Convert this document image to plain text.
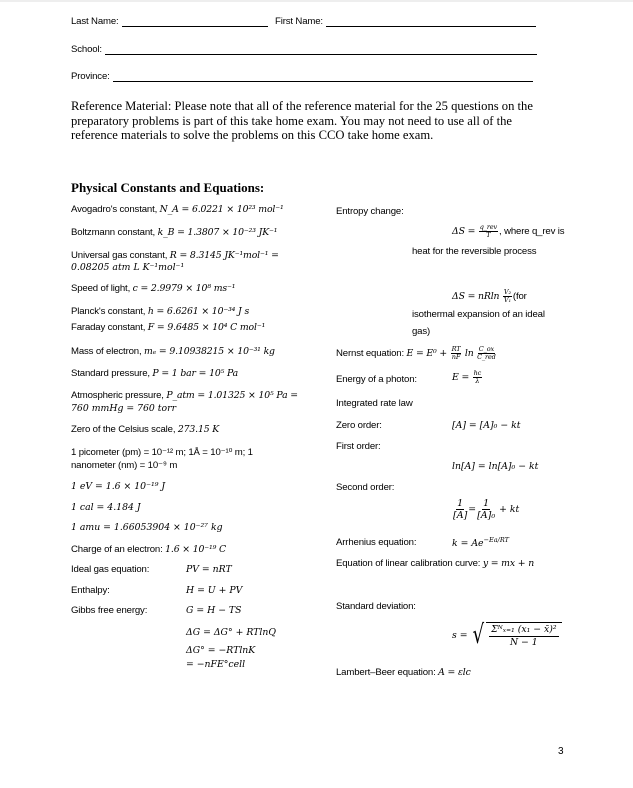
Last Name:	First Name:
School:
Province:
Reference Material: Please note that all of the reference material for the 25 questions on the preparatory problems is part of this take home exam. You may not need to use all of the reference materials to solve the problems on this CCO take home exam.
Physical Constants and Equations:
Avogadro's constant, N_A = 6.0221 × 10²³ mol⁻¹
Boltzmann constant, k_B = 1.3807 × 10⁻²³ JK⁻¹
Universal gas constant, R = 8.3145 JK⁻¹mol⁻¹ =
0.08205 atm L K⁻¹mol⁻¹
Speed of light, c = 2.9979 × 10⁸ ms⁻¹
Planck's constant, h = 6.6261 × 10⁻³⁴ J s
Faraday constant, F = 9.6485 × 10⁴ C mol⁻¹
Mass of electron, mₑ = 9.10938215 × 10⁻³¹ kg
Standard pressure, P = 1 bar = 10⁵ Pa
Atmospheric pressure, P_atm = 1.01325 × 10⁵ Pa =
760 mmHg = 760 torr
Zero of the Celsius scale, 273.15 K
1 picometer (pm) = 10⁻¹² m; 1Å = 10⁻¹⁰ m; 1
nanometer (nm) = 10⁻⁹ m
1 eV = 1.6 × 10⁻¹⁹ J
1 cal = 4.184 J
1 amu = 1.66053904 × 10⁻²⁷ kg
Charge of an electron: 1.6 × 10⁻¹⁹ C
Ideal gas equation:	PV = nRT
Enthalpy:	H = U + PV
Gibbs free energy:	G = H − TS
ΔG = ΔG° + RTlnQ
ΔG° = −RTlnK
= −nFE°cell
Entropy change:
$\Delta S = \frac{\text{q\_rev}}{T}$ , where q_rev is
heat for the reversible process
ΔS = nRln $\frac{\text{V₂}}{\text{V₁}} (for$
isothermal expansion of an ideal
gas)
Nernst equation: $E = E^0 + \frac{RT}{nF}$ $\ln \frac{C\_ox}{\text{C\_red}}$
Energy of a photon:	$E = \frac{hc}{\lambda}$
Integrated rate law
Zero order:	[A] = [A]₀ − kt
First order:
ln[A] = ln[A]₀ − kt
Second order:
$\frac{1}{[A]} = \frac{1}{\text{[A]₀}}$ + kt
Arrhenius equation:	$k = Ae^{-Ea/RT}$
Equation of linear calibration curve: y = mx + n
Standard deviation:
s = √ Σᴺₓ₌₁ (x₁ − x̄)²
N − 1
Lambert–Beer equation: A = εlc
3
